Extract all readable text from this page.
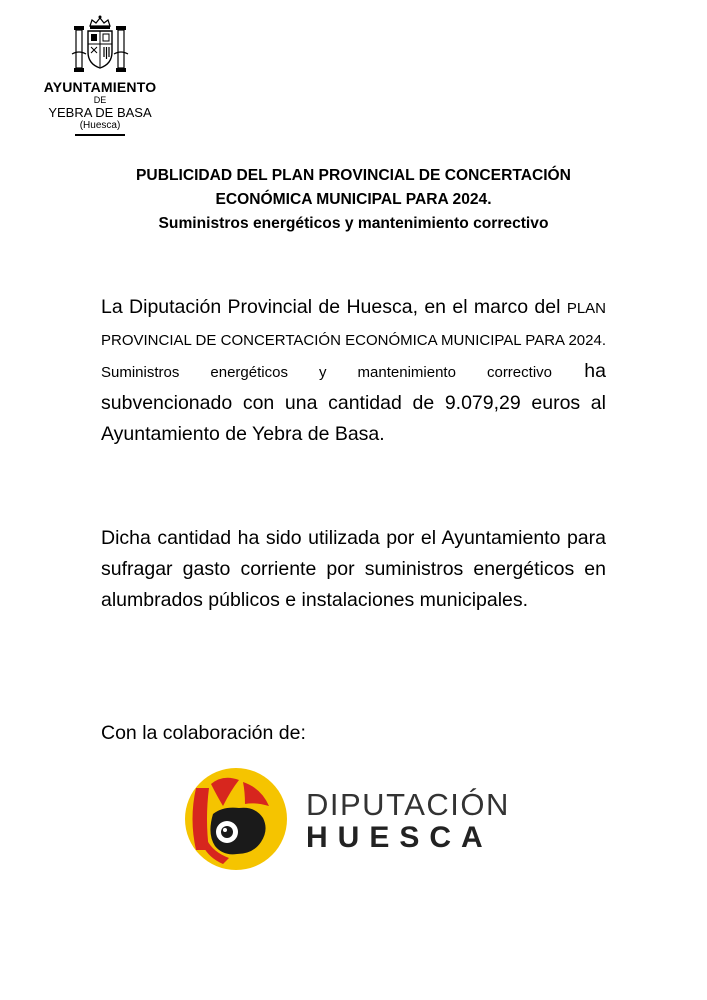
AYUNTAMIENTO
DE
YEBRA DE BASA
(Huesca)
PUBLICIDAD DEL PLAN PROVINCIAL DE CONCERTACIÓN
ECONÓMICA MUNICIPAL PARA 2024.
Suministros energéticos y mantenimiento correctivo
La Diputación Provincial de Huesca, en el marco del PLAN PROVINCIAL DE CONCERTACIÓN ECONÓMICA MUNICIPAL PARA 2024. Suministros energéticos y mantenimiento correctivo ha subvencionado con una cantidad de 9.079,29 euros al Ayuntamiento de Yebra de Basa.
Dicha cantidad ha sido utilizada por el Ayuntamiento para sufragar gasto corriente por suministros energéticos en alumbrados públicos e instalaciones municipales.
Con la colaboración de:
DIPUTACIÓN
HUESCA
